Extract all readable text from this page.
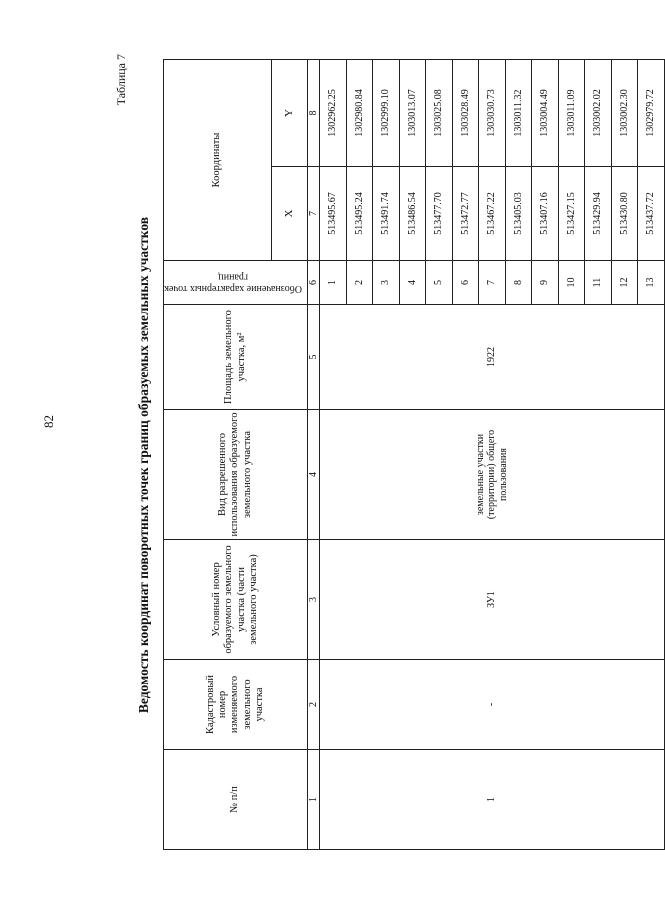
82
Таблица 7
Ведомость координат поворотных точек границ образуемых земельных участков
№ п/п	Кадастровый номер изменяемого земельного участка	Условный номер образуемого земельного участка (части земельного участка)	Вид разрешенного использования образуемого земельного участка	Площадь земельного участка, м²	Обозначение характерных точек границ	Координаты	
						X	Y
1	2	3	4	5	6	7	8
1	-	ЗУ1	земельные участки (территории) общего пользования	1922	1	513495.67	1302962.25
					2	513495.24	1302980.84
					3	513491.74	1302999.10
					4	513486.54	1303013.07
					5	513477.70	1303025.08
					6	513472.77	1303028.49
					7	513467.22	1303030.73
					8	513405.03	1303011.32
					9	513407.16	1303004.49
					10	513427.15	1303011.09
					11	513429.94	1303002.02
					12	513430.80	1303002.30
					13	513437.72	1302979.72
